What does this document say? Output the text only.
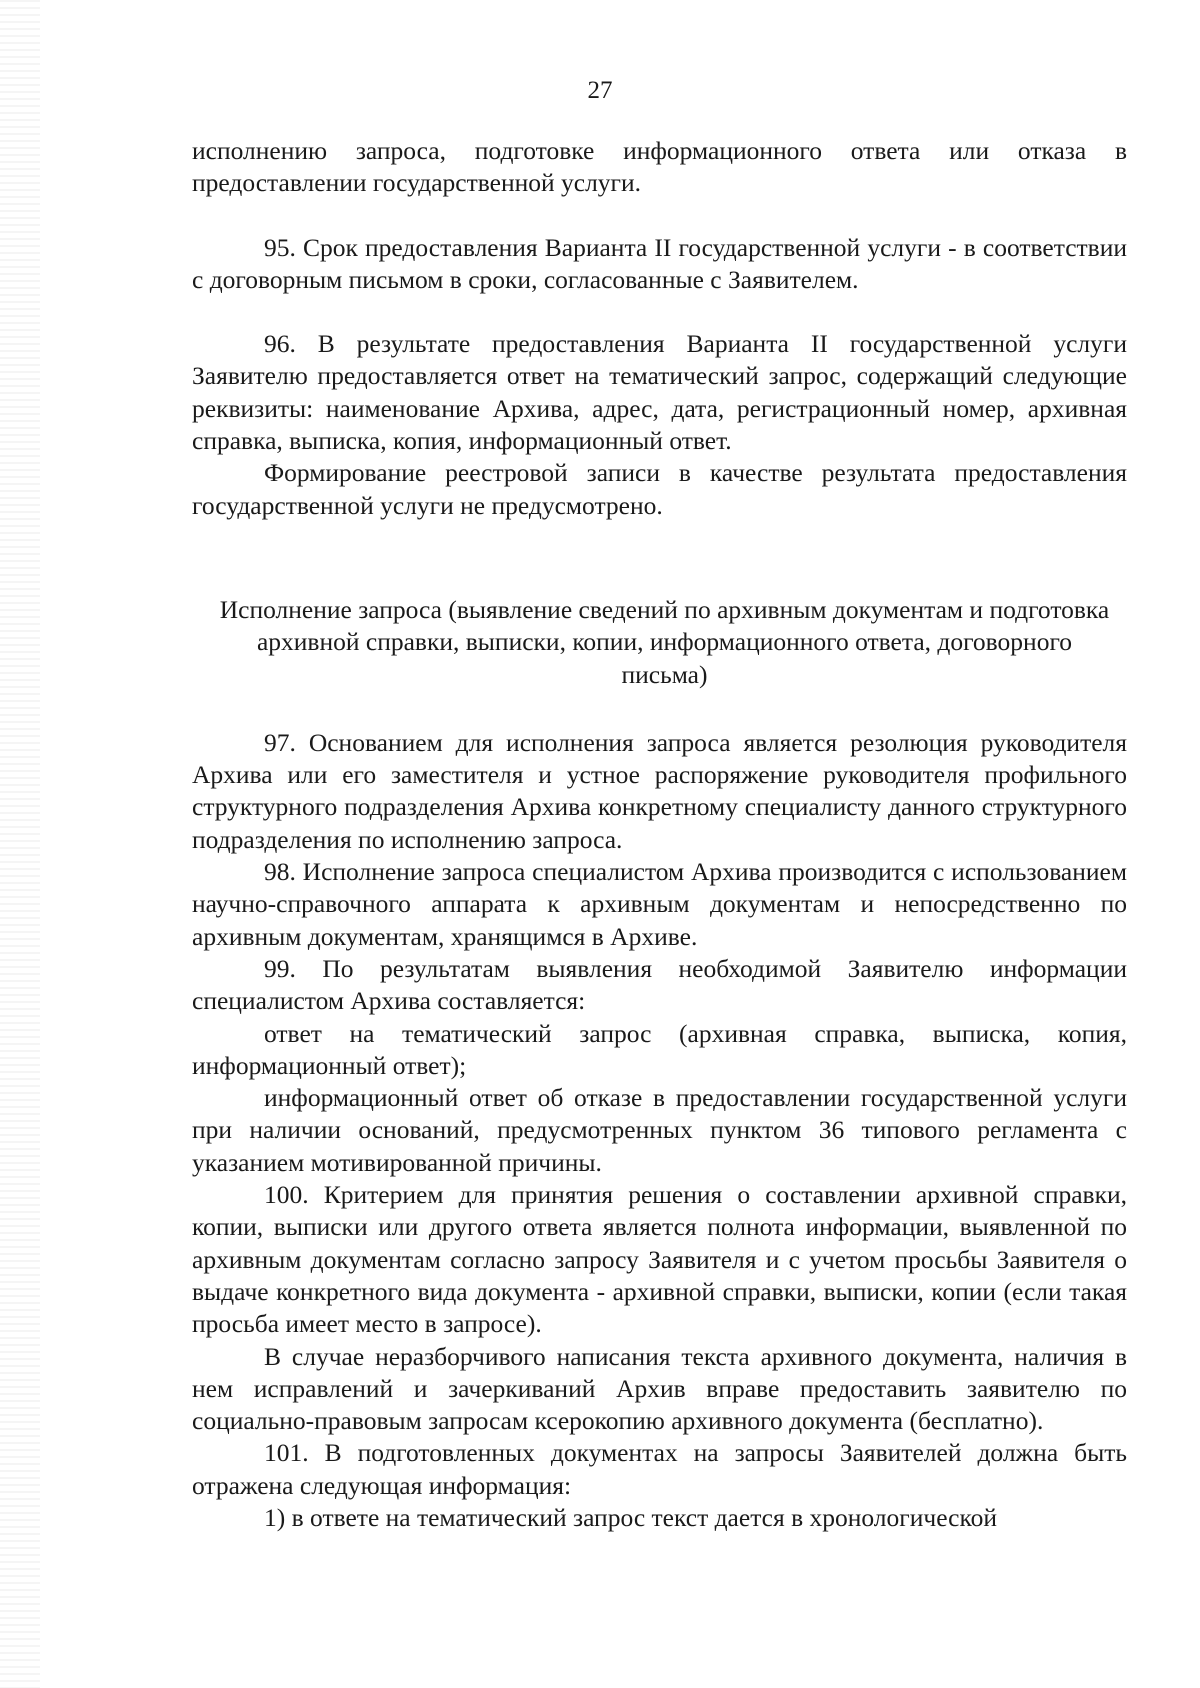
27

исполнению запроса, подготовке информационного ответа или отказа в предоставлении государственной услуги.

95. Срок предоставления Варианта II государственной услуги - в соответствии с договорным письмом в сроки, согласованные с Заявителем.

96. В результате предоставления Варианта II государственной услуги Заявителю предоставляется ответ на тематический запрос, содержащий следующие реквизиты: наименование Архива, адрес, дата, регистрационный номер, архивная справка, выписка, копия, информационный ответ.

Формирование реестровой записи в качестве результата предоставления государственной услуги не предусмотрено.

Исполнение запроса (выявление сведений по архивным документам и подготовка архивной справки, выписки, копии, информационного ответа, договорного письма)

97. Основанием для исполнения запроса является резолюция руководителя Архива или его заместителя и устное распоряжение руководителя профильного структурного подразделения Архива конкретному специалисту данного структурного подразделения по исполнению запроса.

98. Исполнение запроса специалистом Архива производится с использованием научно-справочного аппарата к архивным документам и непосредственно по архивным документам, хранящимся в Архиве.

99. По результатам выявления необходимой Заявителю информации специалистом Архива составляется:

ответ на тематический запрос (архивная справка, выписка, копия, информационный ответ);

информационный ответ об отказе в предоставлении государственной услуги при наличии оснований, предусмотренных пунктом 36 типового регламента с указанием мотивированной причины.

100. Критерием для принятия решения о составлении архивной справки, копии, выписки или другого ответа является полнота информации, выявленной по архивным документам согласно запросу Заявителя и с учетом просьбы Заявителя о выдаче конкретного вида документа - архивной справки, выписки, копии (если такая просьба имеет место в запросе).

В случае неразборчивого написания текста архивного документа, наличия в нем исправлений и зачеркиваний Архив вправе предоставить заявителю по социально-правовым запросам ксерокопию архивного документа (бесплатно).

101. В подготовленных документах на запросы Заявителей должна быть отражена следующая информация:

1) в ответе на тематический запрос текст дается в хронологической
